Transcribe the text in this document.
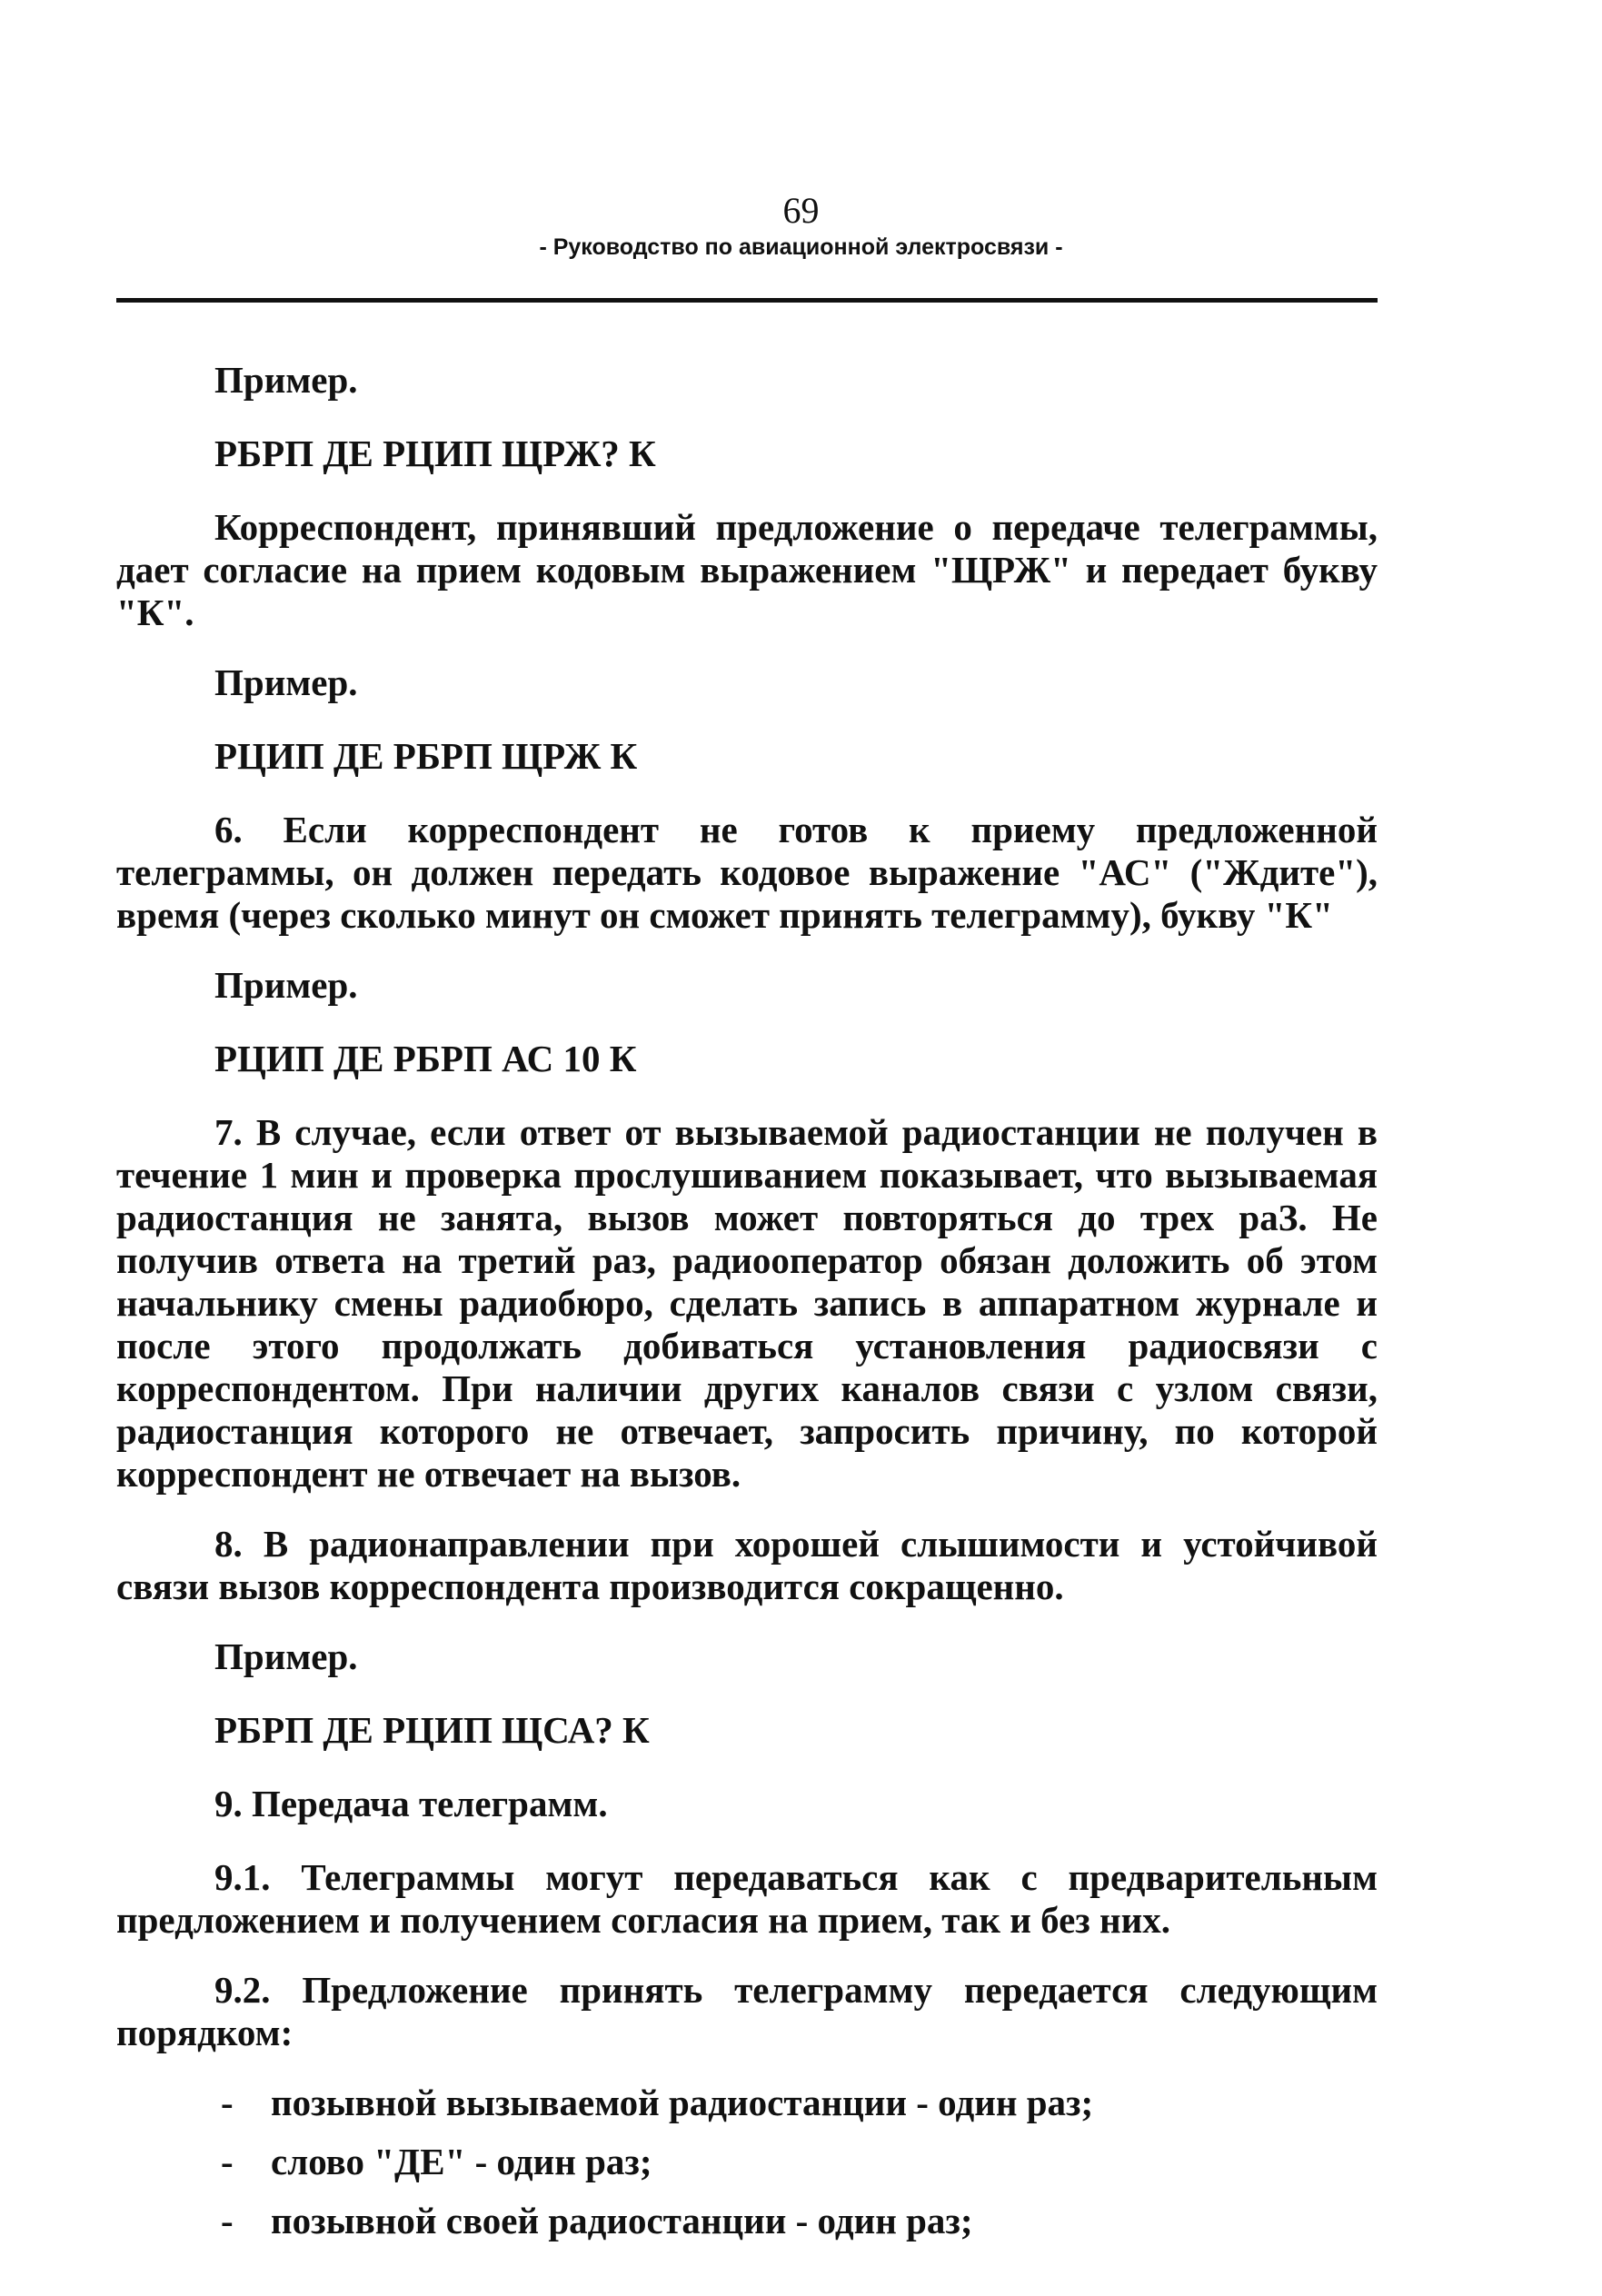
69
- Руководство по авиационной электросвязи -
Пример.
РБРП ДЕ РЦИП ЩРЖ? К

Корреспондент, принявший предложение о передаче телеграммы, дает согласие на прием кодовым выражением "ЩРЖ" и передает букву "К".

Пример.
РЦИП ДЕ РБРП ЩРЖ К

6. Если корреспондент не готов к приему предложенной телеграммы, он должен передать кодовое выражение "АС" ("Ждите"), время (через сколько минут он сможет принять телеграмму), букву "К"

Пример.
РЦИП ДЕ РБРП АС 10 К

7. В случае, если ответ от вызываемой радиостанции не получен в течение 1 мин и проверка прослушиванием показывает, что вызываемая радиостанция не занята, вызов может повторяться до трех раЗ. Не получив ответа на третий раз, радиооператор обязан доложить об этом начальнику смены радиобюро, сделать запись в аппаратном журнале и после этого продолжать добиваться установления радиосвязи с корреспондентом. При наличии других каналов связи с узлом связи, радиостанция которого не отвечает, запросить причину, по которой корреспондент не отвечает на вызов.

8. В радионаправлении при хорошей слышимости и устойчивой связи вызов корреспондента производится сокращенно.

Пример.
РБРП ДЕ РЦИП ЩСА? К
9. Передача телеграмм.

9.1. Телеграммы могут передаваться как с предварительным предложением и получением согласия на прием, так и без них.

9.2. Предложение принять телеграмму передается следующим порядком:

- позывной вызываемой радиостанции - один раз;
- слово "ДЕ" - один раз;
- позывной своей радиостанции - один раз;
